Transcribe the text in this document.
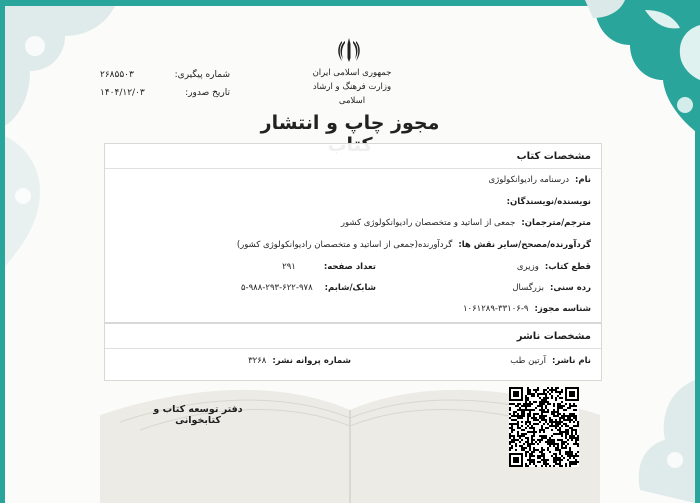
جمهوری اسلامی ایران
وزارت فرهنگ و ارشاد اسلامی
شماره پیگیری:
۲۶۸۵۵۰۳
تاریخ صدور:
۱۴۰۴/۱۲/۰۳
مجوز چاپ و انتشار
مشخصات کتاب
نام:درسنامه رادیوانکولوژی
نویسنده/نویسندگان:
مترجم/مترجمان:جمعی از اساتید و متخصصان رادیوانکولوژی کشور
گردآورنده/مصحح/سایر نقش ها:گردآورنده(جمعی از اساتید و متخصصان رادیوانکولوژی کشور)
قطع کتاب:وزیری
تعداد صفحه:۲۹۱
رده سنی:بزرگسال
شابک/شابم:۹۷۸-۶۲۲-۲۹۳-۹۸۸-۵
شناسه مجوز:۹-۳۳۱۰۶-۱۰۶۱۲۸۹
مشخصات ناشر
نام ناشر:آرتین طب
شماره پروانه نشر:۳۲۶۸
دفتر توسعه کتاب و کتابخوانی
